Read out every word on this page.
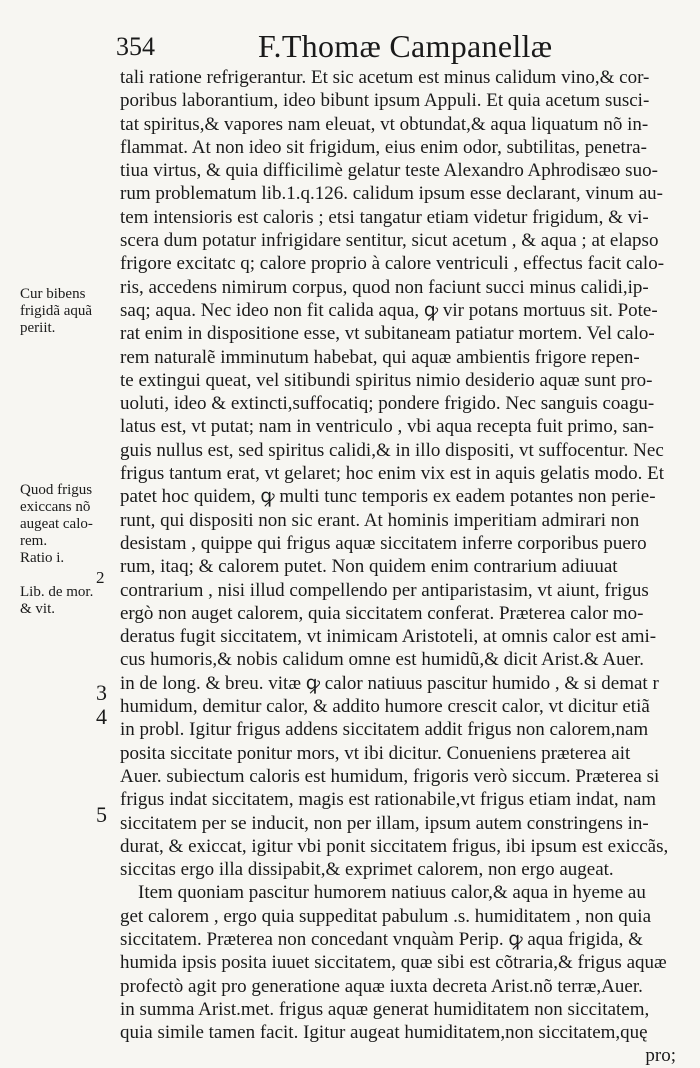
354	F.Thomæ Campanellæ
tali ratione refrigerantur. Et sic acetum est minus calidum vino,& cor-
poribus laborantium, ideo bibunt ipsum Appuli. Et quia acetum susci-
tat spiritus,& vapores nam eleuat, vt obtundat,& aqua liquatum nõ in-
flammat. At non ideo sit frigidum, eius enim odor, subtilitas, penetra-
tiua virtus, & quia difficilimè gelatur teste Alexandro Aphrodisæo suo-
rum problematum lib.1.q.126. calidum ipsum esse declarant, vinum au-
tem intensioris est caloris ; etsi tangatur etiam videtur frigidum, & vi-
scera dum potatur infrigidare sentitur, sicut acetum , & aqua ; at elapso
frigore excitatc q; calore proprio à calore ventriculi , effectus facit calo-
ris, accedens nimirum corpus, quod non faciunt succi minus calidi,ip-
saq; aqua. Nec ideo non fit calida aqua, ꝙ vir potans mortuus sit. Pote-
rat enim in dispositione esse, vt subitaneam patiatur mortem. Vel calo-
rem naturalẽ imminutum habebat, qui aquæ ambientis frigore repen-
te extingui queat, vel sitibundi spiritus nimio desiderio aquæ sunt pro-
uoluti, ideo & extincti,suffocatiq; pondere frigido. Nec sanguis coagu-
latus est, vt putat; nam in ventriculo , vbi aqua recepta fuit primo, san-
guis nullus est, sed spiritus calidi,& in illo dispositi, vt suffocentur. Nec
frigus tantum erat, vt gelaret; hoc enim vix est in aquis gelatis modo. Et
patet hoc quidem, ꝙ multi tunc temporis ex eadem potantes non perie-
runt, qui dispositi non sic erant. At hominis imperitiam admirari non
desistam , quippe qui frigus aquæ siccitatem inferre corporibus puero
rum, itaq; & calorem putet. Non quidem enim contrarium adiuuat
contrarium , nisi illud compellendo per antiparistasim, vt aiunt, frigus
ergò non auget calorem, quia siccitatem conferat. Præterea calor mo-
deratus fugit siccitatem, vt inimicam Aristoteli, at omnis calor est ami-
cus humoris,& nobis calidum omne est humidũ,& dicit Arist.& Auer.
in de long. & breu. vitæ ꝙ calor natiuus pascitur humido , & si demat r
humidum, demitur calor, & addito humore crescit calor, vt dicitur etiã
in probl. Igitur frigus addens siccitatem addit frigus non calorem,nam
posita siccitate ponitur mors, vt ibi dicitur. Conueniens præterea ait
Auer. subiectum caloris est humidum, frigoris verò siccum. Præterea si
frigus indat siccitatem, magis est rationabile,vt frigus etiam indat, nam
siccitatem per se inducit, non per illam, ipsum autem constringens in-
durat, & exiccat, igitur vbi ponit siccitatem frigus, ibi ipsum est exiccãs,
siccitas ergo illa dissipabit,& exprimet calorem, non ergo augeat.
Item quoniam pascitur humorem natiuus calor,& aqua in hyeme au
get calorem , ergo quia suppeditat pabulum .s. humiditatem , non quia
siccitatem. Præterea non concedant vnquàm Perip. ꝙ aqua frigida, &
humida ipsis posita iuuet siccitatem, quæ sibi est cõtraria,& frigus aquæ
profectò agit pro generatione aquæ iuxta decreta Arist.nõ terræ,Auer.
in summa Arist.met. frigus aquæ generat humiditatem non siccitatem,
quia simile tamen facit. Igitur augeat humiditatem,non siccitatem,quę
pro;
Cur bibens
frigidã aquã
periit.
Quod frigus
exiccans nõ
augeat calo-
rem.
Ratio i.
2
Lib. de mor.
& vit.
3
4
5
